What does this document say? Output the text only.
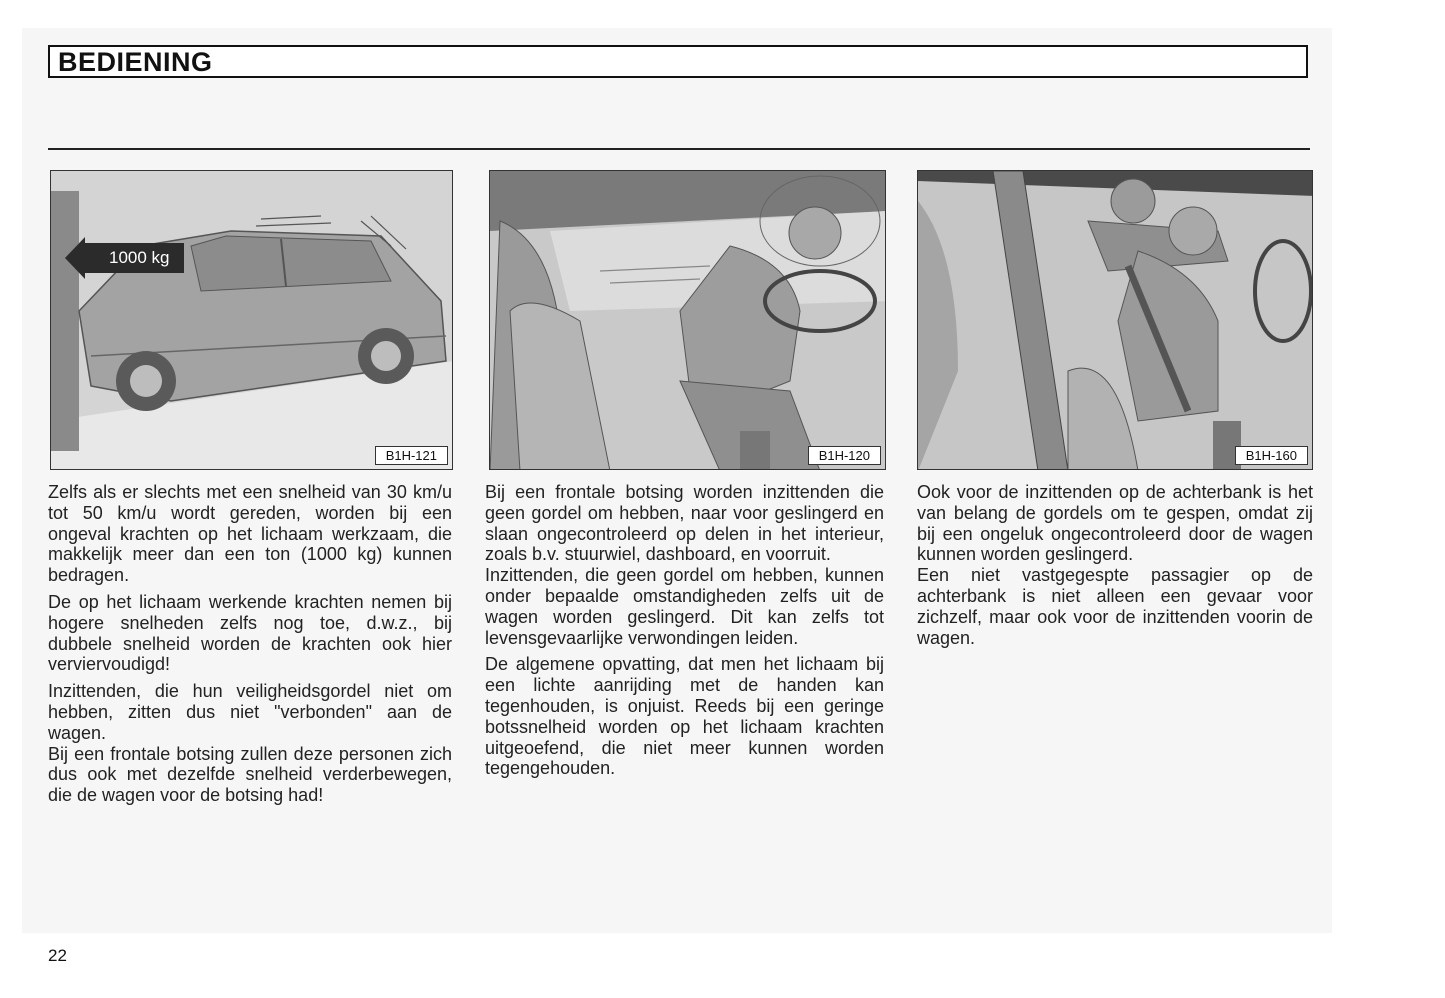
BEDIENING
1000 kg
B1H-121	B1H-120	B1H-160

Zelfs als er slechts met een snelheid van 30 km/u tot 50 km/u wordt gereden, worden bij een ongeval krachten op het lichaam werkzaam, die makkelijk meer dan een ton (1000 kg) kunnen bedragen.

De op het lichaam werkende krachten nemen bij hogere snelheden zelfs nog toe, d.w.z., bij dubbele snelheid worden de krachten ook hier verviervoudigd!

Inzittenden, die hun veiligheidsgordel niet om hebben, zitten dus niet "verbonden" aan de wagen.

Bij een frontale botsing zullen deze personen zich dus ook met dezelfde snelheid verderbewegen, die de wagen voor de botsing had!

Bij een frontale botsing worden inzittenden die geen gordel om hebben, naar voor geslingerd en slaan ongecontroleerd op delen in het interieur, zoals b.v. stuurwiel, dashboard, en voorruit.

Inzittenden, die geen gordel om hebben, kunnen onder bepaalde omstandigheden zelfs uit de wagen worden geslingerd. Dit kan zelfs tot levensgevaarlijke verwondingen leiden.

De algemene opvatting, dat men het lichaam bij een lichte aanrijding met de handen kan tegenhouden, is onjuist. Reeds bij een geringe botssnelheid worden op het lichaam krachten uitgeoefend, die niet meer kunnen worden tegengehouden.

Ook voor de inzittenden op de achterbank is het van belang de gordels om te gespen, omdat zij bij een ongeluk ongecontroleerd door de wagen kunnen worden geslingerd.

Een niet vastgegespte passagier op de achterbank is niet alleen een gevaar voor zichzelf, maar ook voor de inzittenden voorin de wagen.

22
